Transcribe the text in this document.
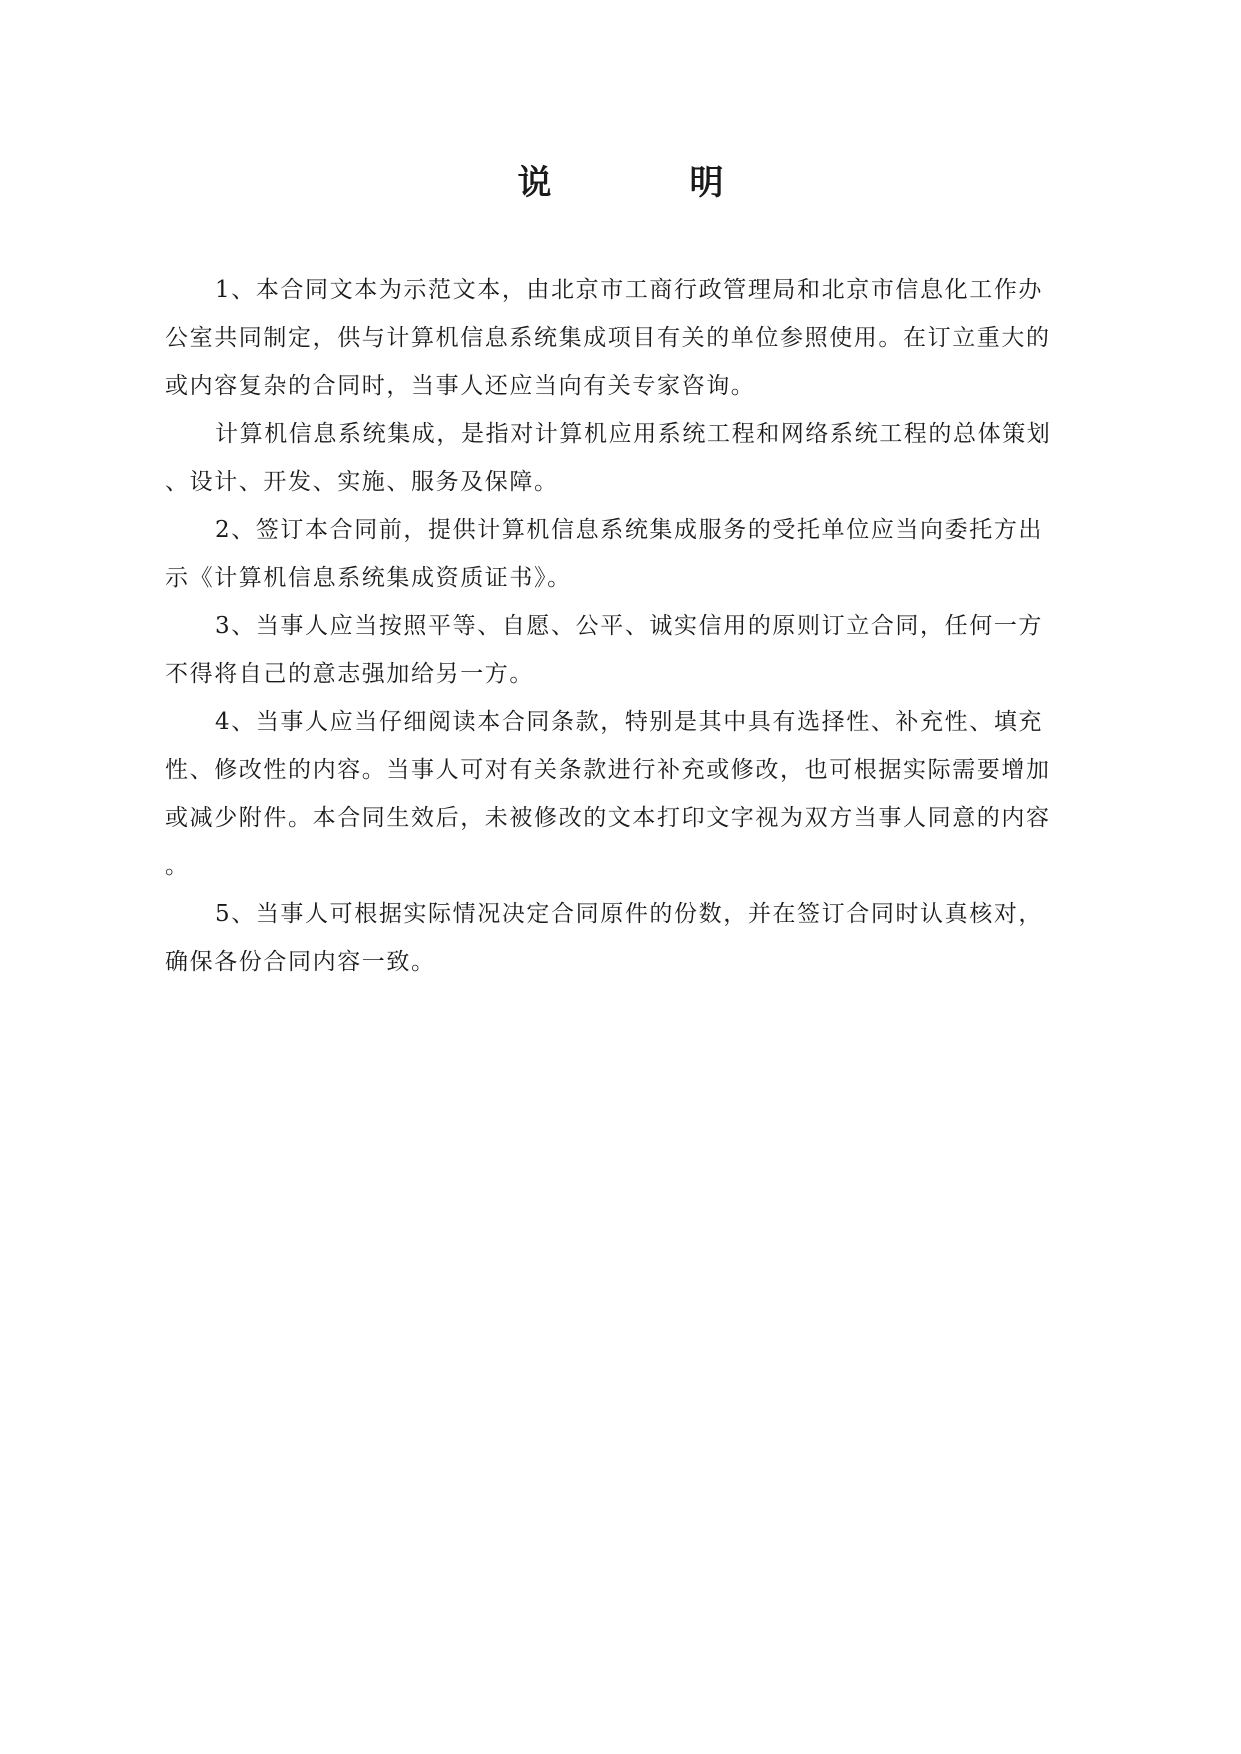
说　明
1、本合同文本为示范文本，由北京市工商行政管理局和北京市信息化工作办
公室共同制定，供与计算机信息系统集成项目有关的单位参照使用。在订立重大的
或内容复杂的合同时，当事人还应当向有关专家咨询。
计算机信息系统集成，是指对计算机应用系统工程和网络系统工程的总体策划
、设计、开发、实施、服务及保障。
2、签订本合同前，提供计算机信息系统集成服务的受托单位应当向委托方出
示《计算机信息系统集成资质证书》。
3、当事人应当按照平等、自愿、公平、诚实信用的原则订立合同，任何一方
不得将自己的意志强加给另一方。
4、当事人应当仔细阅读本合同条款，特别是其中具有选择性、补充性、填充
性、修改性的内容。当事人可对有关条款进行补充或修改，也可根据实际需要增加
或减少附件。本合同生效后，未被修改的文本打印文字视为双方当事人同意的内容
。
5、当事人可根据实际情况决定合同原件的份数，并在签订合同时认真核对，
确保各份合同内容一致。
